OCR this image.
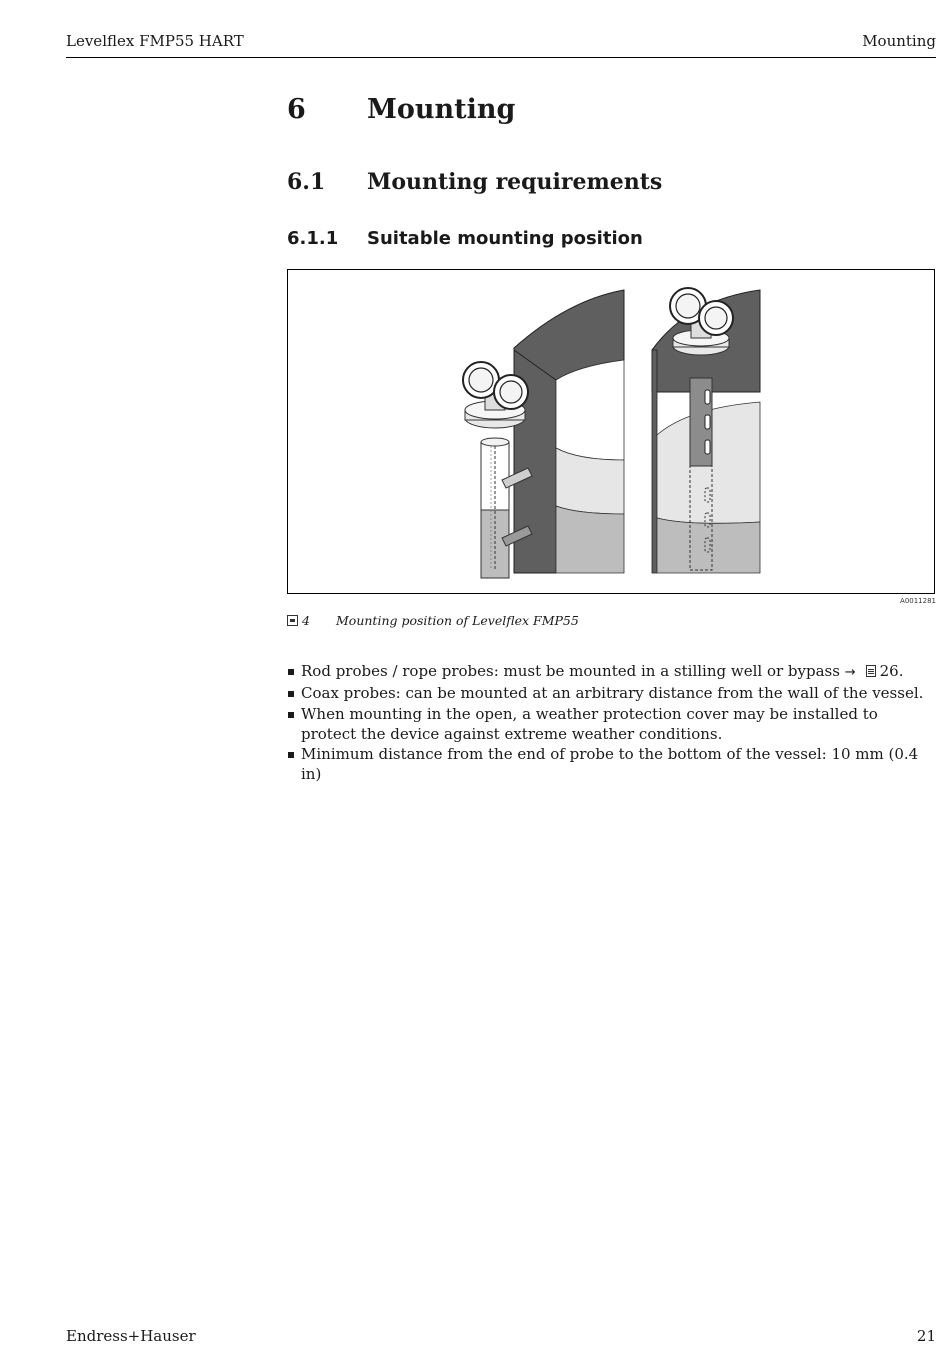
Levelflex FMP55 HART	Mounting
6 Mounting
6.1 Mounting requirements
6.1.1 Suitable mounting position
A0011281
4 Mounting position of Levelflex FMP55
Rod probes / rope probes: must be mounted in a stilling well or bypass → 26.
Coax probes: can be mounted at an arbitrary distance from the wall of the vessel.
When mounting in the open, a weather protection cover may be installed to protect the device against extreme weather conditions.
Minimum distance from the end of probe to the bottom of the vessel: 10 mm (0.4 in)
Endress+Hauser	21
